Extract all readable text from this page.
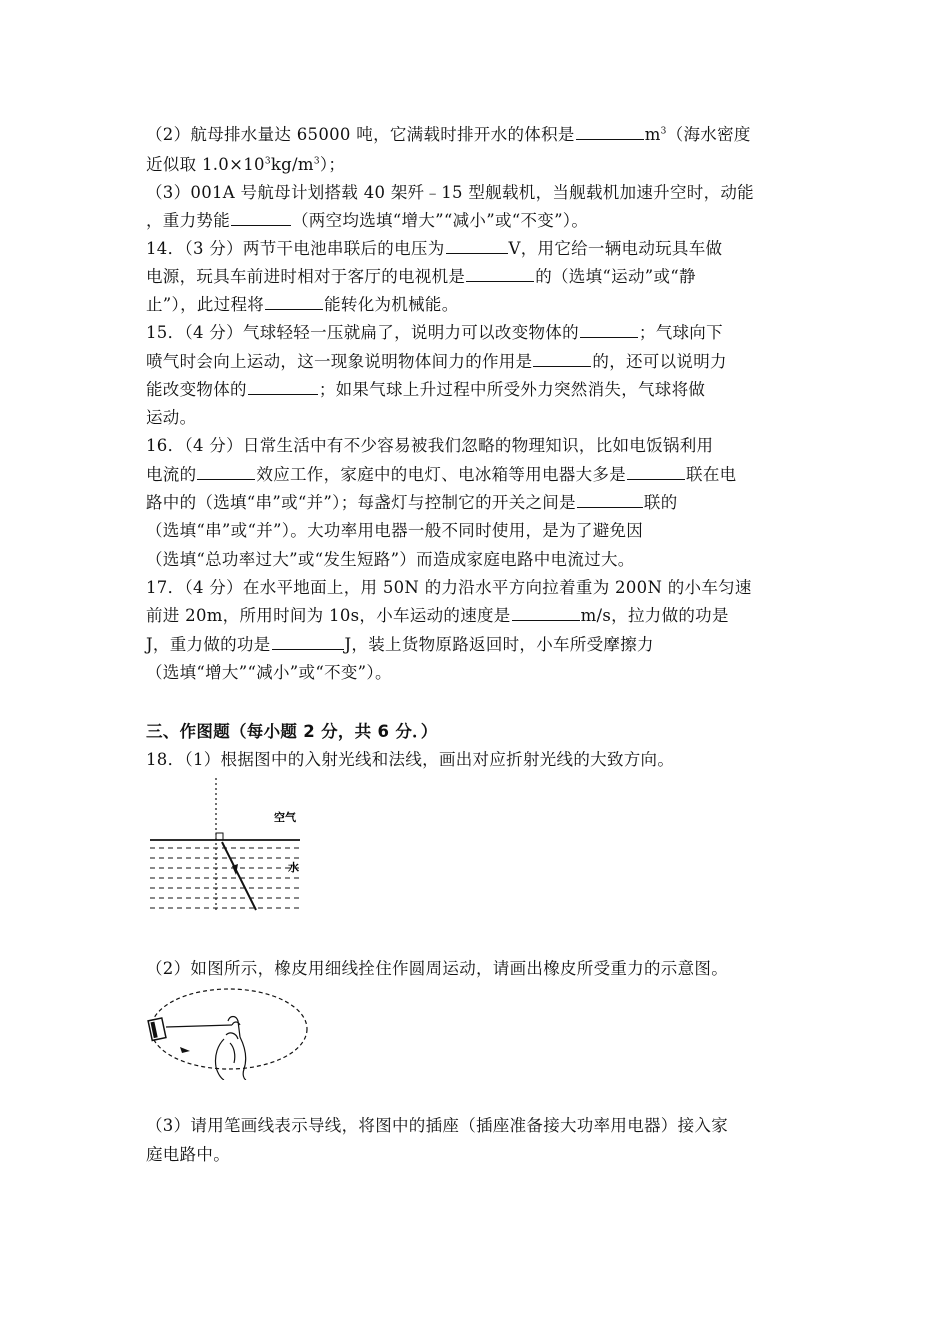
（2）航母排水量达 65000 吨，它满载时排开水的体积是	$m^3$（海水密度
近似取 $1.0\times 10^3kg/m^3$）；
（3）001A 号航母计划搭载 40 架歼﹣15 型舰载机，当舰载机加速升空时，动能
，重力势能	（两空均选填“增大”“减小”或“不变”）。
14．（3 分）两节干电池串联后的电压为	V，用它给一辆电动玩具车做
电源，玩具车前进时相对于客厅的电视机是	的（选填“运动”或“静
止”），此过程将	能转化为机械能。
15．（4 分）气球轻轻一压就扁了，说明力可以改变物体的	；气球向下
喷气时会向上运动，这一现象说明物体间力的作用是	的，还可以说明力
能改变物体的	；如果气球上升过程中所受外力突然消失，气球将做
运动。
16．（4 分）日常生活中有不少容易被我们忽略的物理知识，比如电饭锅利用
电流的	效应工作，家庭中的电灯、电冰箱等用电器大多是	联在电
路中的（选填“串”或“并”）；每盏灯与控制它的开关之间是	联的
（选填“串”或“并”）。大功率用电器一般不同时使用，是为了避免因
（选填“总功率过大”或“发生短路”）而造成家庭电路中电流过大。
17．（4 分）在水平地面上，用 50N 的力沿水平方向拉着重为 200N 的小车匀速
前进 20m，所用时间为 10s，小车运动的速度是	m/s，拉力做的功是
J，重力做的功是	J，装上货物原路返回时，小车所受摩擦力
（选填“增大”“减小”或“不变”）。
三、作图题（每小题 2 分，共 6 分．）
18．（1）根据图中的入射光线和法线，画出对应折射光线的大致方向。
空气
水
（2）如图所示，橡皮用细线拴住作圆周运动，请画出橡皮所受重力的示意图。
（3）请用笔画线表示导线，将图中的插座（插座准备接大功率用电器）接入家
庭电路中。
